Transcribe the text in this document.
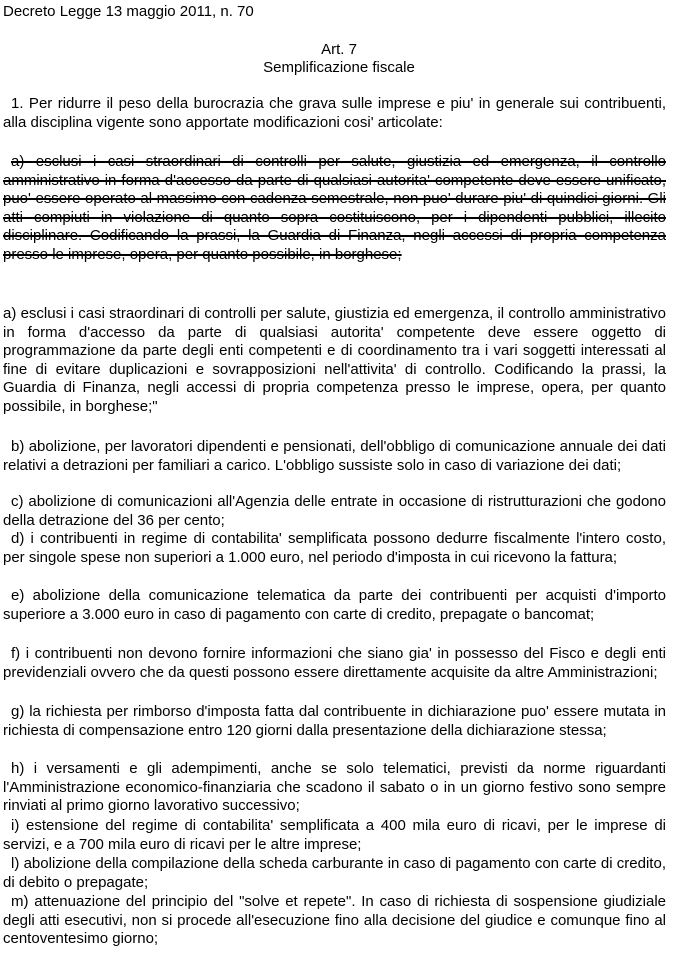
Decreto Legge 13 maggio 2011, n. 70
Art. 7
Semplificazione fiscale

1. Per ridurre il peso della burocrazia che grava sulle imprese e piu' in generale sui contribuenti, alla disciplina vigente sono apportate modificazioni cosi' articolate:

a) esclusi i casi straordinari di controlli per salute, giustizia ed emergenza, il controllo amministrativo in forma d'accesso da parte di qualsiasi autorita' competente deve essere unificato, puo' essere operato al massimo con cadenza semestrale, non puo' durare piu' di quindici giorni. Gli atti compiuti in violazione di quanto sopra costituiscono, per i dipendenti pubblici, illecito disciplinare. Codificando la prassi, la Guardia di Finanza, negli accessi di propria competenza presso le imprese, opera, per quanto possibile, in borghese;

a) esclusi i casi straordinari di controlli per salute, giustizia ed emergenza, il controllo amministrativo in forma d'accesso da parte di qualsiasi autorita' competente deve essere oggetto di programmazione da parte degli enti competenti e di coordinamento tra i vari soggetti interessati al fine di evitare duplicazioni e sovrapposizioni nell'attivita' di controllo. Codificando la prassi, la Guardia di Finanza, negli accessi di propria competenza presso le imprese, opera, per quanto possibile, in borghese;"

b) abolizione, per lavoratori dipendenti e pensionati, dell'obbligo di comunicazione annuale dei dati relativi a detrazioni per familiari a carico. L'obbligo sussiste solo in caso di variazione dei dati;

c) abolizione di comunicazioni all'Agenzia delle entrate in occasione di ristrutturazioni che godono della detrazione del 36 per cento;

d) i contribuenti in regime di contabilita' semplificata possono dedurre fiscalmente l'intero costo, per singole spese non superiori a 1.000 euro, nel periodo d'imposta in cui ricevono la fattura;

e) abolizione della comunicazione telematica da parte dei contribuenti per acquisti d'importo superiore a 3.000 euro in caso di pagamento con carte di credito, prepagate o bancomat;

f) i contribuenti non devono fornire informazioni che siano gia' in possesso del Fisco e degli enti previdenziali ovvero che da questi possono essere direttamente acquisite da altre Amministrazioni;

g) la richiesta per rimborso d'imposta fatta dal contribuente in dichiarazione puo' essere mutata in richiesta di compensazione entro 120 giorni dalla presentazione della dichiarazione stessa;

h) i versamenti e gli adempimenti, anche se solo telematici, previsti da norme riguardanti l'Amministrazione economico-finanziaria che scadono il sabato o in un giorno festivo sono sempre rinviati al primo giorno lavorativo successivo;

i) estensione del regime di contabilita' semplificata a 400 mila euro di ricavi, per le imprese di servizi, e a 700 mila euro di ricavi per le altre imprese;

l) abolizione della compilazione della scheda carburante in caso di pagamento con carte di credito, di debito o prepagate;

m) attenuazione del principio del "solve et repete". In caso di richiesta di sospensione giudiziale degli atti esecutivi, non si procede all'esecuzione fino alla decisione del giudice e comunque fino al centoventesimo giorno;
